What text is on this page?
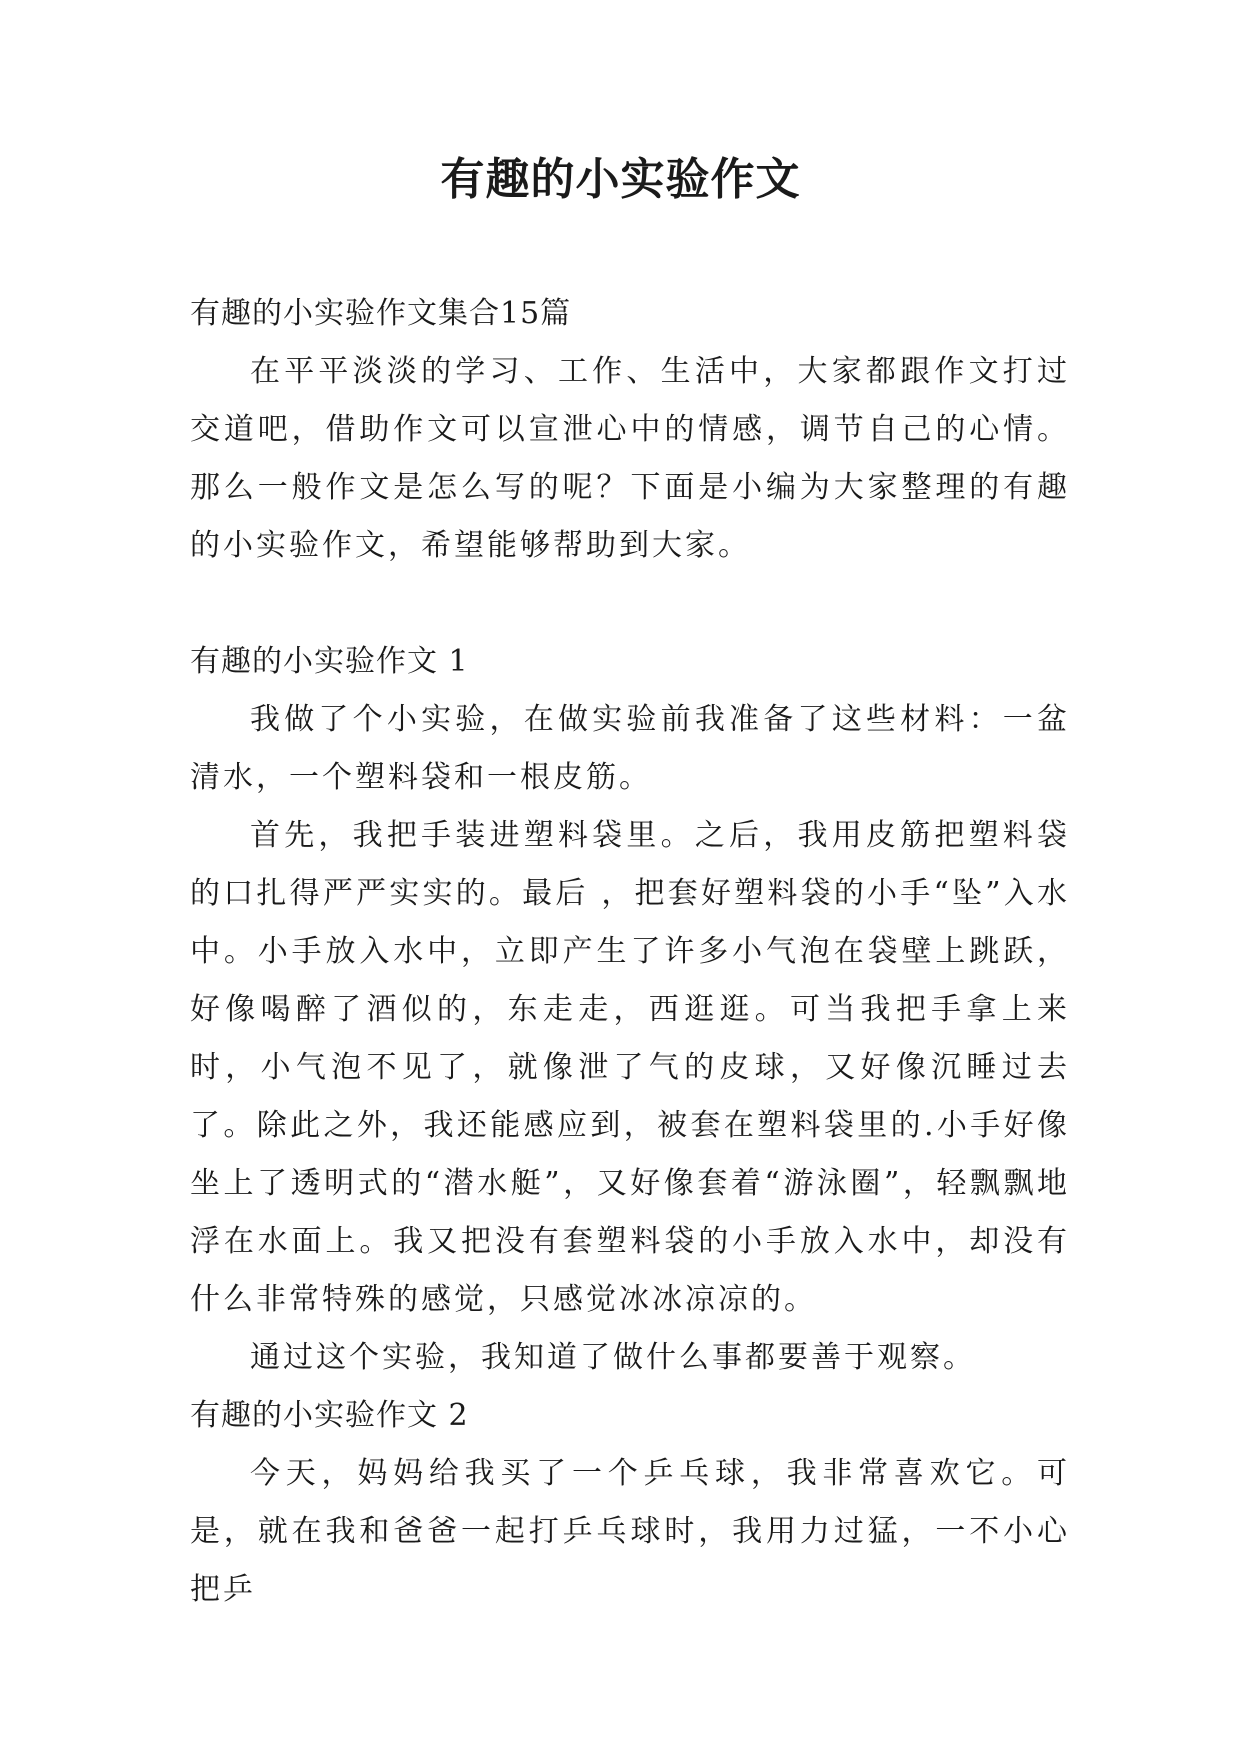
有趣的小实验作文

有趣的小实验作文集合15篇

在平平淡淡的学习、工作、生活中，大家都跟作文打过交道吧，借助作文可以宣泄心中的情感，调节自己的心情。那么一般作文是怎么写的呢？下面是小编为大家整理的有趣的小实验作文，希望能够帮助到大家。

有趣的小实验作文 1

我做了个小实验，在做实验前我准备了这些材料：一盆清水，一个塑料袋和一根皮筋。

首先，我把手装进塑料袋里。之后，我用皮筋把塑料袋的口扎得严严实实的。最后 ，把套好塑料袋的小手“坠”入水中。小手放入水中，立即产生了许多小气泡在袋壁上跳跃，好像喝醉了酒似的，东走走，西逛逛。可当我把手拿上来时，小气泡不见了，就像泄了气的皮球，又好像沉睡过去了。除此之外，我还能感应到，被套在塑料袋里的.小手好像坐上了透明式的“潜水艇”，又好像套着“游泳圈”，轻飘飘地浮在水面上。我又把没有套塑料袋的小手放入水中，却没有什么非常特殊的感觉，只感觉冰冰凉凉的。

通过这个实验，我知道了做什么事都要善于观察。

有趣的小实验作文 2

今天，妈妈给我买了一个乒乓球，我非常喜欢它。可是，就在我和爸爸一起打乒乓球时，我用力过猛，一不小心把乒
